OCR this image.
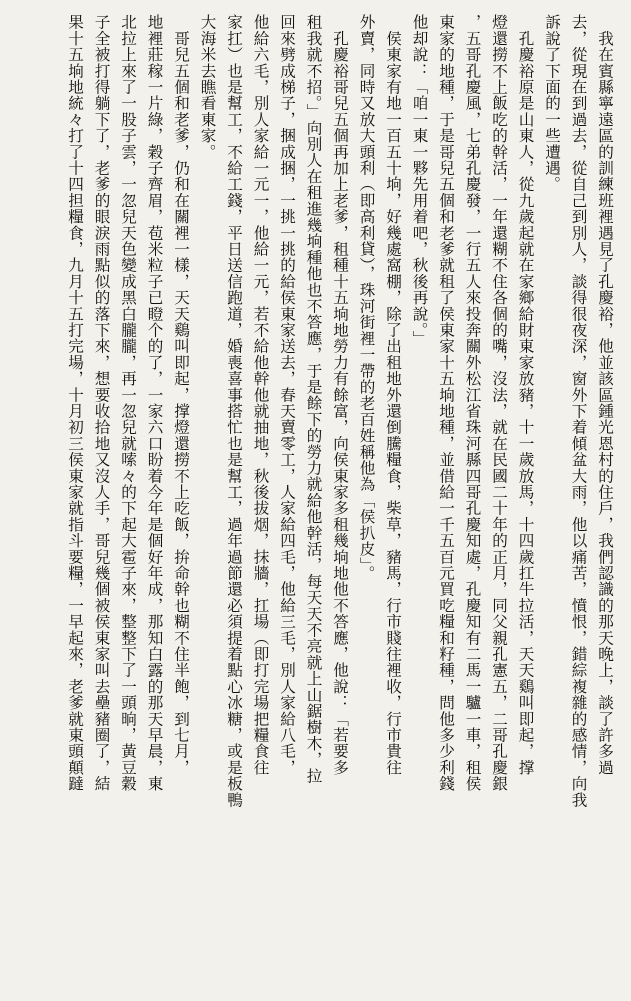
　我在賓縣寧遠區的訓練班裡遇見了孔慶裕，他並該區鍾光恩村的住戶，我們認識的那天晚上，談了許多過
去，從現在到過去，從自己到別人，談得很夜深，窗外下着傾盆大雨，他以痛苦，憤恨，錯綜複雜的感情，向我
訴說了下面的一些遭遇。
　孔慶裕原是山東人，從九歲起就在家鄉給財東家放豬，十一歲放馬，十四歲扛牛拉活，天天鷄叫即起，撑
燈還撈不上飯吃的幹活，一年還糊不住各個的嘴，沒法，就在民國二十年的正月，同父親孔憲五，二哥孔慶銀
，五哥孔慶風，七弟孔慶發，一行五人來投奔關外松江省珠河縣四哥孔慶知處，孔慶知有二馬一驢一車，租侯
東家的地種，于是哥兒五個和老爹就租了侯東家十五垧地種，並借給一千五百元買吃糧和籽種，問他多少利錢
他却說：「咱一東一夥先用着吧，秋後再說。」
　侯東家有地一百五十垧，好幾處窩棚，除了出租地外還倒騰糧食，柴草，豬馬，行市賤往裡收，行市貴往
外賣，同時又放大頭利（即高利貸），珠河街裡一帶的老百姓稱他為「侯扒皮」。
　孔慶裕哥兒五個再加上老爹，租種十五垧地勞力有餘富，向侯東家多租幾垧地他不答應，他說：「若要多
租我就不招。」向別人在租進幾垧種他也不答應，于是餘下的勞力就給他幹活，每天天不亮就上山鋸樹木，拉
回來劈成梯子，捆成捆，一挑一挑的給侯東家送去，春天賣零工，人家給四毛，他給三毛，別人家給八毛，
他給六毛，別人家給一元一，他給一元，若不給他幹他就抽地，秋後拔烟，抹牆，扛場（即打完場把糧食往
家扛）也是幫工，不給工錢，平日送信跑道，婚喪喜事搭忙也是幫工，過年過節還必須提着點心冰糖，或是板鴨
大海米去瞧看東家。
　哥兒五個和老爹，仍和在關裡一樣，天天鷄叫即起，撑燈還撈不上吃飯，拚命幹也糊不住半飽，到七月，
地裡莊稼一片綠，穀子齊眉，苞米粒子已瞪个的了，一家六口盼着今年是個好年成，那知白露的那天早晨，東
北拉上來了一股子雲，一忽兒天色變成黑白朧朧，再一忽兒就嗦々的下起大雹子來，整整下了一頭晌，黃豆穀
子全被打得躺下了，老爹的眼淚雨點似的落下來，想要收拾地又沒人手，哥兒幾個被侯東家叫去壘豬圈了，結
果十五垧地統々打了十四担糧食，九月十五打完場，十月初三侯東家就指斗要糧，一早起來，老爹就東頭顛躂
